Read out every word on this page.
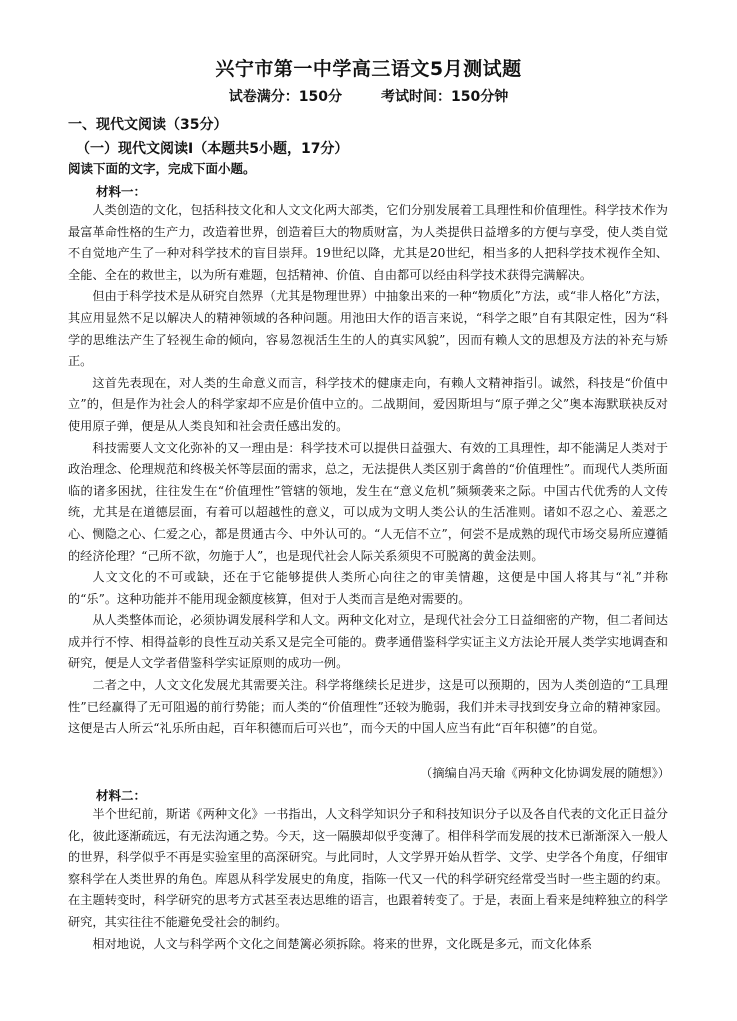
兴宁市第一中学高三语文5月测试题
试卷满分：150分        考试时间：150分钟
一、现代文阅读（35分）
（一）现代文阅读Ⅰ（本题共5小题，17分）
阅读下面的文字，完成下面小题。
材料一：

人类创造的文化，包括科技文化和人文文化两大部类，它们分别发展着工具理性和价值理性。科学技术作为最富革命性格的生产力，改造着世界，创造着巨大的物质财富，为人类提供日益增多的方便与享受，使人类自觉不自觉地产生了一种对科学技术的盲目崇拜。19世纪以降，尤其是20世纪，相当多的人把科学技术视作全知、全能、全在的救世主，以为所有难题，包括精神、价值、自由都可以经由科学技术获得完满解决。

但由于科学技术是从研究自然界（尤其是物理世界）中抽象出来的一种“物质化”方法，或“非人格化”方法，其应用显然不足以解决人的精神领域的各种问题。用池田大作的语言来说，“科学之眼”自有其限定性，因为“科学的思维法产生了轻视生命的倾向，容易忽视活生生的人的真实风貌”，因而有赖人文的思想及方法的补充与矫正。

这首先表现在，对人类的生命意义而言，科学技术的健康走向，有赖人文精神指引。诚然，科技是“价值中立”的，但是作为社会人的科学家却不应是价值中立的。二战期间，爱因斯坦与“原子弹之父”奥本海默联袂反对使用原子弹，便是从人类良知和社会责任感出发的。

科技需要人文文化弥补的又一理由是：科学技术可以提供日益强大、有效的工具理性，却不能满足人类对于政治理念、伦理规范和终极关怀等层面的需求，总之，无法提供人类区别于禽兽的“价值理性”。而现代人类所面临的诸多困扰，往往发生在“价值理性”管辖的领地，发生在“意义危机”频频袭来之际。中国古代优秀的人文传统，尤其是在道德层面，有着可以超越性的意义，可以成为文明人类公认的生活准则。诸如不忍之心、羞恶之心、恻隐之心、仁爱之心，都是贯通古今、中外认可的。“人无信不立”，何尝不是成熟的现代市场交易所应遵循的经济伦理？“己所不欲，勿施于人”，也是现代社会人际关系须臾不可脱离的黄金法则。

人文文化的不可或缺，还在于它能够提供人类所心向往之的审美情趣，这便是中国人将其与“礼”并称的“乐”。这种功能并不能用现金额度核算，但对于人类而言是绝对需要的。

从人类整体而论，必须协调发展科学和人文。两种文化对立，是现代社会分工日益细密的产物，但二者间达成并行不悖、相得益彰的良性互动关系又是完全可能的。费孝通借鉴科学实证主义方法论开展人类学实地调查和研究，便是人文学者借鉴科学实证原则的成功一例。

二者之中，人文文化发展尤其需要关注。科学将继续长足进步，这是可以预期的，因为人类创造的“工具理性”已经赢得了无可阻遏的前行势能；而人类的“价值理性”还较为脆弱，我们并未寻找到安身立命的精神家园。这便是古人所云“礼乐所由起，百年积德而后可兴也”，而今天的中国人应当有此“百年积德”的自觉。

（摘编自冯天瑜《两种文化协调发展的随想》）
材料二：

半个世纪前，斯诺《两种文化》一书指出，人文科学知识分子和科技知识分子以及各自代表的文化正日益分化，彼此逐渐疏远，有无法沟通之势。今天，这一隔膜却似乎变薄了。相伴科学而发展的技术已渐渐深入一般人的世界，科学似乎不再是实验室里的高深研究。与此同时，人文学界开始从哲学、文学、史学各个角度，仔细审察科学在人类世界的角色。库恩从科学发展史的角度，指陈一代又一代的科学研究经常受当时一些主题的约束。在主题转变时，科学研究的思考方式甚至表达思维的语言，也跟着转变了。于是，表面上看来是纯粹独立的科学研究，其实往往不能避免受社会的制约。

相对地说，人文与科学两个文化之间楚篱必须拆除。将来的世界，文化既是多元，而文化体系
